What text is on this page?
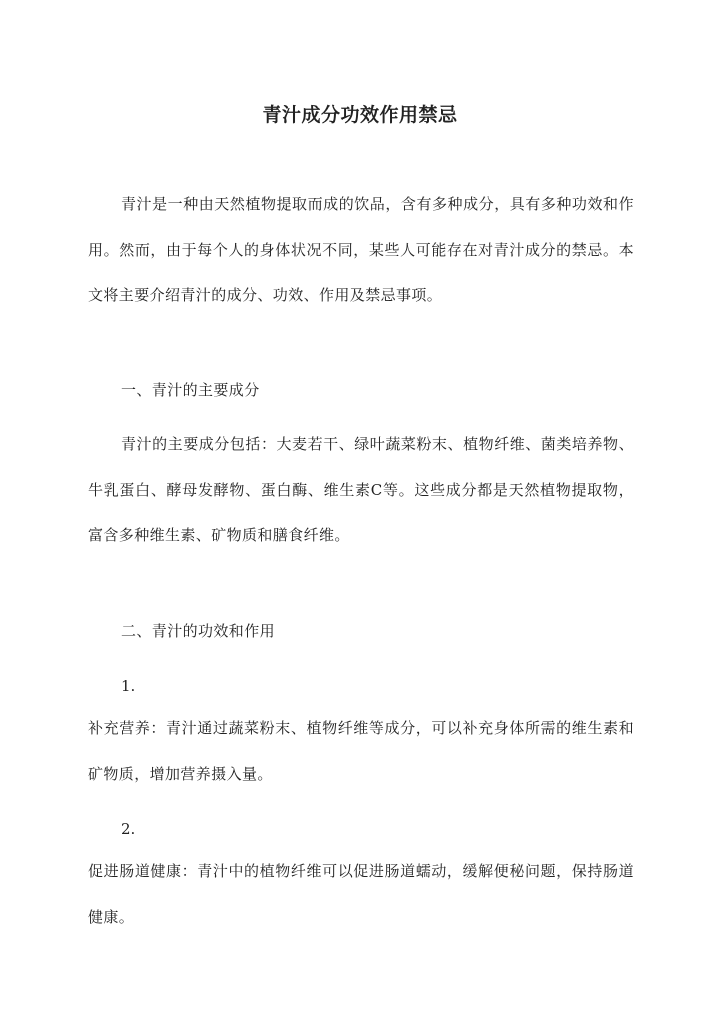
青汁成分功效作用禁忌

青汁是一种由天然植物提取而成的饮品，含有多种成分，具有多种功效和作用。然而，由于每个人的身体状况不同，某些人可能存在对青汁成分的禁忌。本文将主要介绍青汁的成分、功效、作用及禁忌事项。

一、青汁的主要成分

青汁的主要成分包括：大麦若干、绿叶蔬菜粉末、植物纤维、菌类培养物、牛乳蛋白、酵母发酵物、蛋白酶、维生素C等。这些成分都是天然植物提取物，富含多种维生素、矿物质和膳食纤维。

二、青汁的功效和作用

1.

补充营养：青汁通过蔬菜粉末、植物纤维等成分，可以补充身体所需的维生素和矿物质，增加营养摄入量。

2.

促进肠道健康：青汁中的植物纤维可以促进肠道蠕动，缓解便秘问题，保持肠道健康。
